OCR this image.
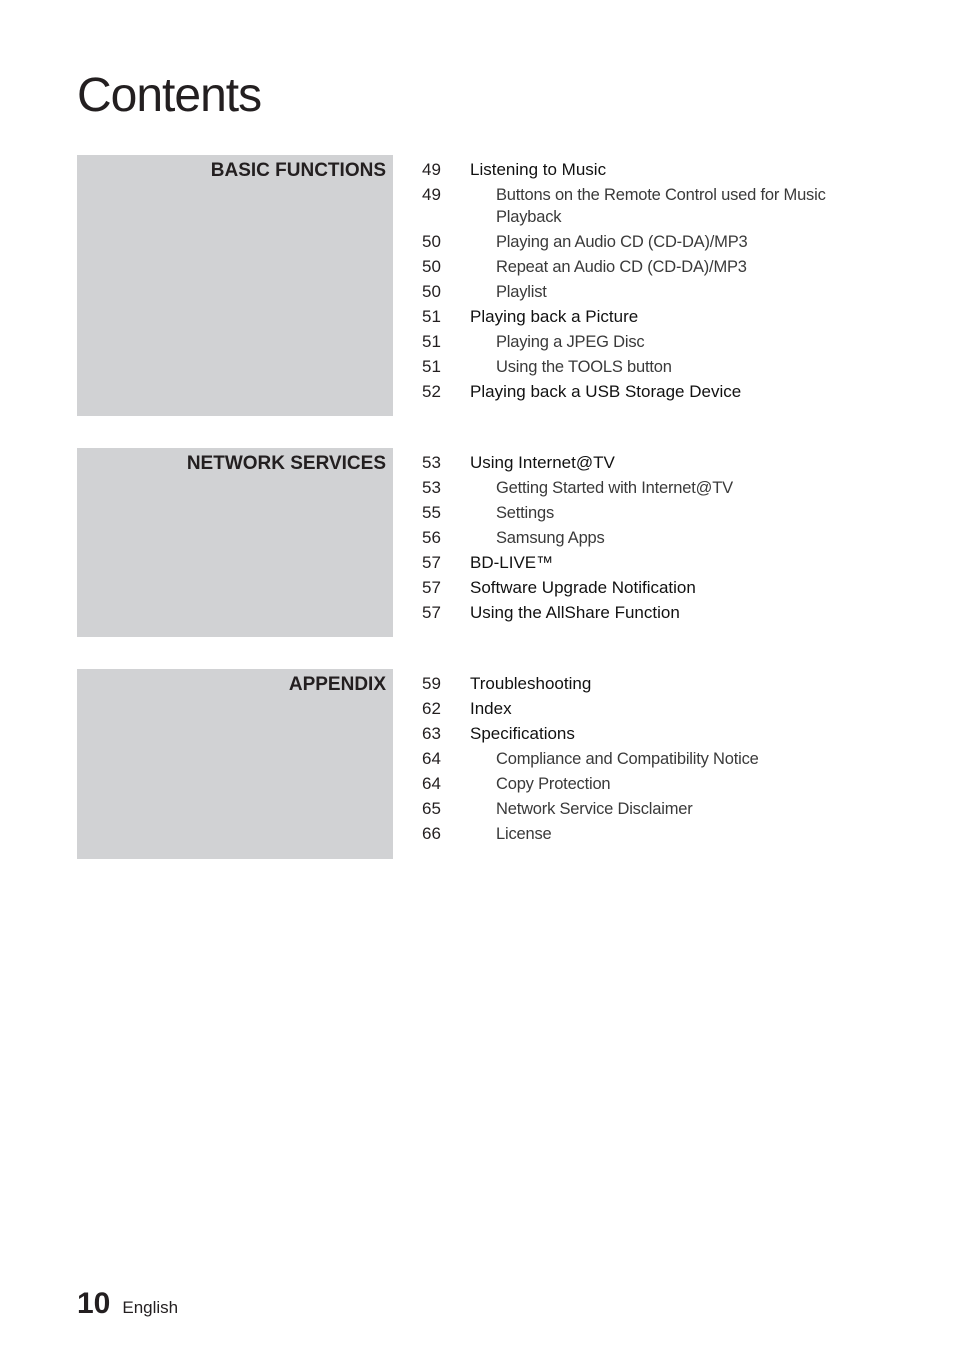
Contents
BASIC FUNCTIONS 49	Listening to Music
49	Buttons on the Remote Control used for Music Playback
50	Playing an Audio CD (CD-DA)/MP3
50	Repeat an Audio CD (CD-DA)/MP3
50	Playlist
51	Playing back a Picture
51	Playing a JPEG Disc
51	Using the TOOLS button
52	Playing back a USB Storage Device
NETWORK SERVICES 53	Using Internet@TV
53	Getting Started with Internet@TV
55	Settings
56	Samsung Apps
57	BD-LIVE™
57	Software Upgrade Notification
57	Using the AllShare Function
APPENDIX 59	Troubleshooting
62	Index
63	Specifications
64	Compliance and Compatibility Notice
64	Copy Protection
65	Network Service Disclaimer
66	License
10 English
